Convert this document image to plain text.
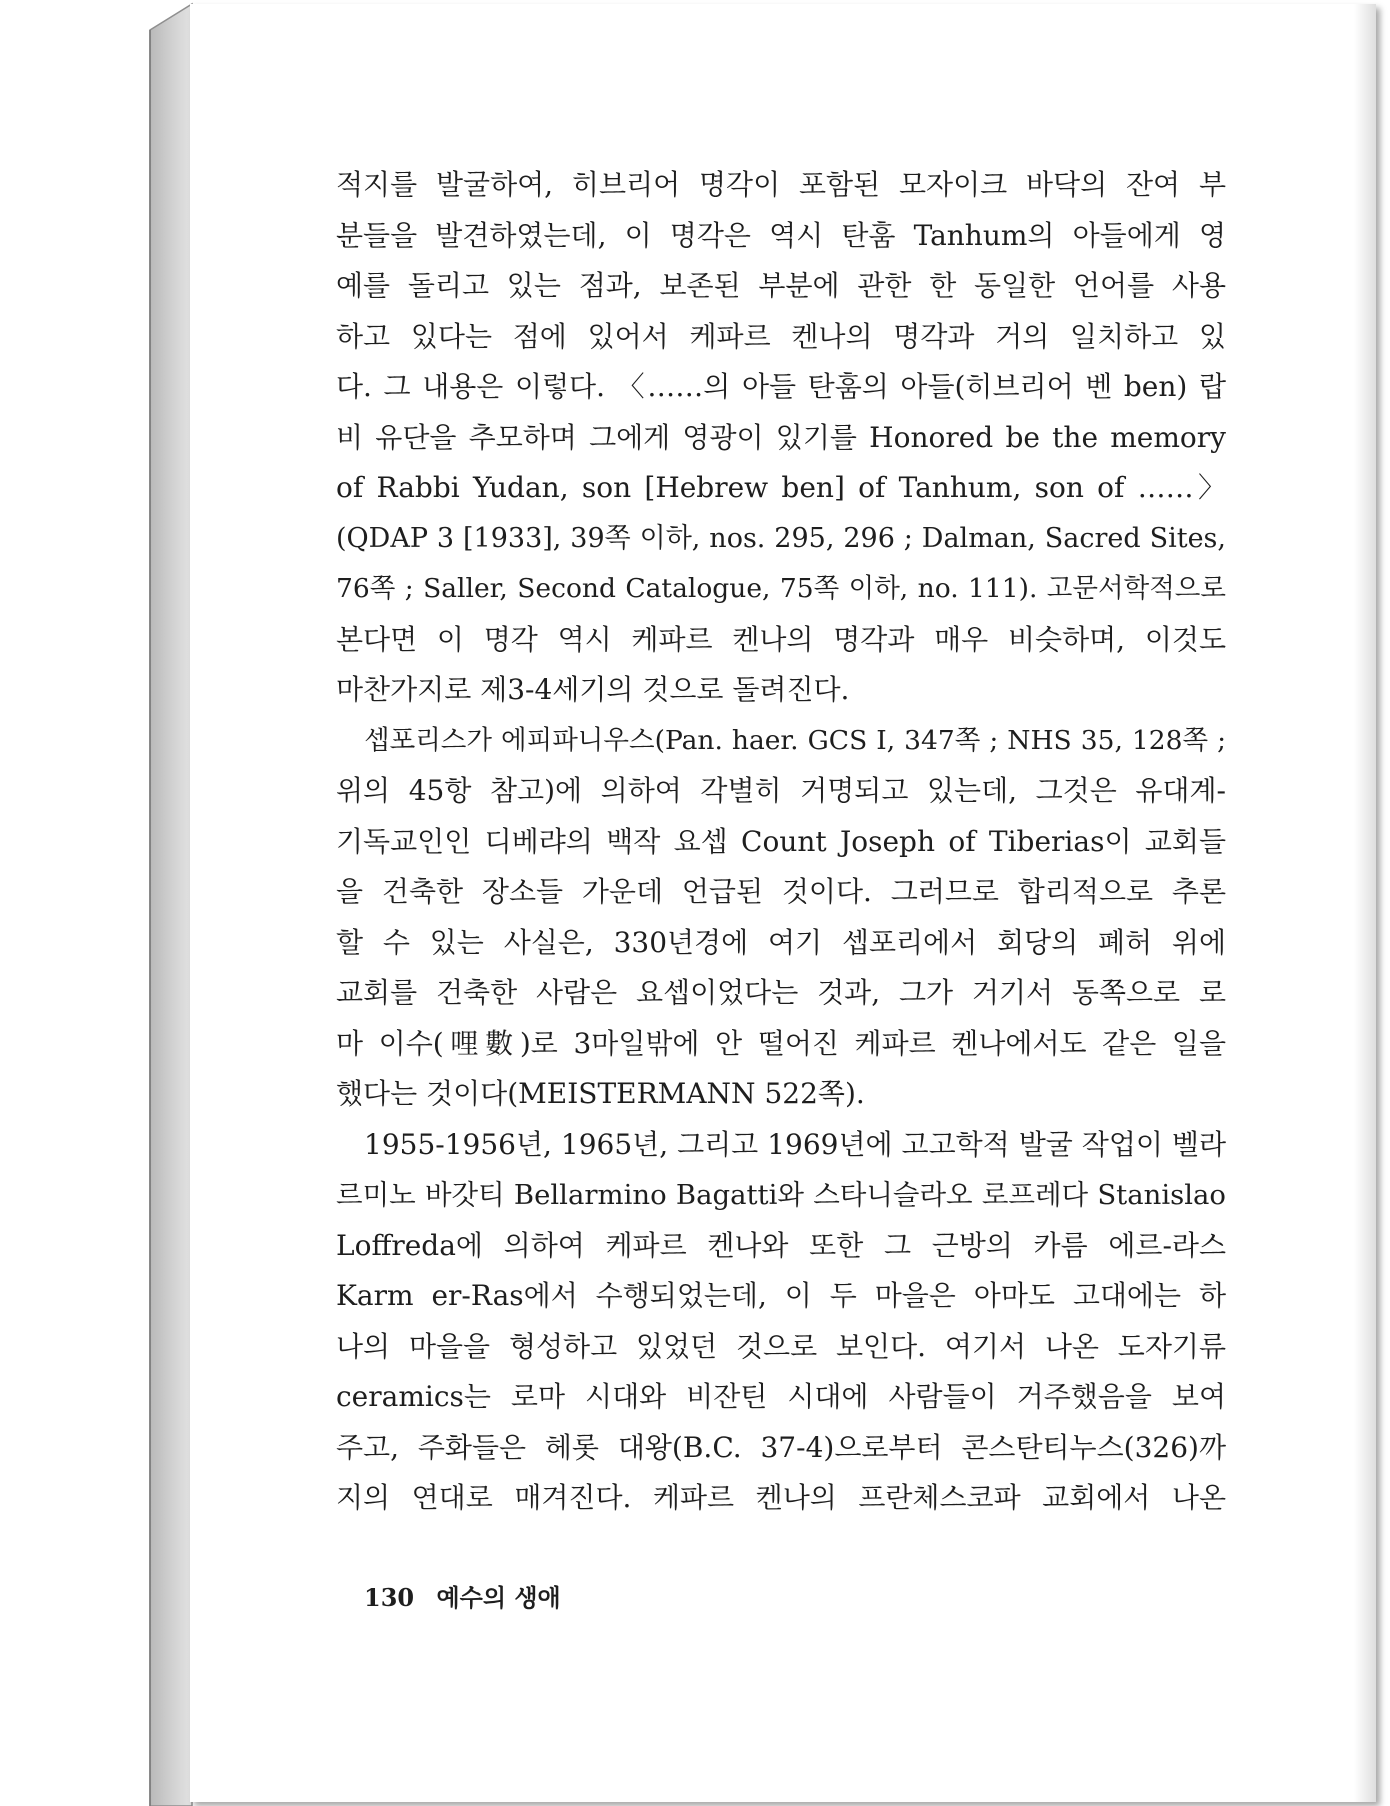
적지를 발굴하여, 히브리어 명각이 포함된 모자이크 바닥의 잔여 부
분들을 발견하였는데, 이 명각은 역시 탄훔 Tanhum의 아들에게 영
예를 돌리고 있는 점과, 보존된 부분에 관한 한 동일한 언어를 사용
하고 있다는 점에 있어서 케파르 켄나의 명각과 거의 일치하고 있
다. 그 내용은 이렇다. 〈……의 아들 탄훔의 아들(히브리어 벤 ben) 랍
비 유단을 추모하며 그에게 영광이 있기를 Honored be the memory
of Rabbi Yudan, son [Hebrew ben] of Tanhum, son of ……〉
(QDAP 3 [1933], 39쪽 이하, nos. 295, 296 ; Dalman, Sacred Sites,
76쪽 ; Saller, Second Catalogue, 75쪽 이하, no. 111). 고문서학적으로
본다면 이 명각 역시 케파르 켄나의 명각과 매우 비슷하며, 이것도
마찬가지로 제3-4세기의 것으로 돌려진다.
셉포리스가 에피파니우스(Pan. haer. GCS I, 347쪽 ; NHS 35, 128쪽 ;
위의 45항 참고)에 의하여 각별히 거명되고 있는데, 그것은 유대계-
기독교인인 디베랴의 백작 요셉 Count Joseph of Tiberias이 교회들
을 건축한 장소들 가운데 언급된 것이다. 그러므로 합리적으로 추론
할 수 있는 사실은, 330년경에 여기 셉포리에서 회당의 폐허 위에
교회를 건축한 사람은 요셉이었다는 것과, 그가 거기서 동쪽으로 로
마 이수(哩數)로 3마일밖에 안 떨어진 케파르 켄나에서도 같은 일을
했다는 것이다(MEISTERMANN 522쪽).
1955-1956년, 1965년, 그리고 1969년에 고고학적 발굴 작업이 벨라
르미노 바갓티 Bellarmino Bagatti와 스타니슬라오 로프레다 Stanislao
Loffreda에 의하여 케파르 켄나와 또한 그 근방의 카름 에르-라스
Karm er-Ras에서 수행되었는데, 이 두 마을은 아마도 고대에는 하
나의 마을을 형성하고 있었던 것으로 보인다. 여기서 나온 도자기류
ceramics는 로마 시대와 비잔틴 시대에 사람들이 거주했음을 보여
주고, 주화들은 헤롯 대왕(B.C. 37-4)으로부터 콘스탄티누스(326)까
지의 연대로 매겨진다. 케파르 켄나의 프란체스코파 교회에서 나온
130 예수의 생애
